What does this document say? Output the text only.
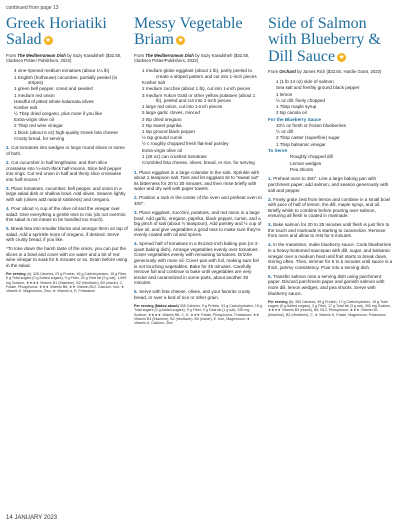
continued from page 13
Greek Horiatiki Salad ★
From The Mediterranean Dish by Suzy Karadsheh ($32.50, Clarkson Potter/ Publishers, 2022)
4 vine-ripened medium tomatoes (about 1¼ lb)
1 English (hothouse) cucumber, partially peeled (in stripes)
1 green bell pepper, cored and seeded
1 medium red onion
Handful of pitted whole kalamata olives
Kosher salt
½ Tbsp dried oregano, plus more if you like
Extra-virgin olive oil
2 Tbsp red wine vinegar
1 block (about 6 oz) high-quality Greek feta cheese
Crusty bread, for serving

1. Cut tomatoes into wedges or large round slices or some of both.

2. Cut cucumber in half lengthwise, and then slice crosswise into ½-inch-thick half-moons. Slice bell pepper into rings. Cut red onion in half and thinly slice crosswise into half-moons.*

3. Place tomatoes, cucumber, bell pepper, and onion in a large salad dish or shallow bowl. Add olives. Season lightly with salt (olives add natural saltiness) and oregano.

4. Pour about ¼ cup of the olive oil and the vinegar over salad. Give everything a gentle toss to mix (do not overmix; this salad is not meant to be handled too much).

5. Break feta into smaller blocks and arrange them on top of salad. Add a sprinkle more of oregano, if desired. Serve with crusty bread, if you like.

*To tone down the harsh taste of the onion, you can put the slices in a bowl and cover with ice water and a bit of red wine vinegar to soak for 5 minutes or so. Drain before using in the salad.

Per serving (4): 326 Calories, 23 g Protein, 46 g Carbohydrates, 15 g Fiber, 6 g Total sugars (0 g Added sugars), 9 g Fiber, 33 g Total fat (9 g sat), 1,899 mg Sodium, ★★★★ Vitamin B1 (thiamine), B2 (riboflavin), B3 (niacin), C, Folate, Phosphorus; ★★★ Vitamin B6; ★★ Vitamin B12, Calcium, Iron; ★ Vitamin K, Magnesium, Zinc; ★ Vitamin A, E, Potassium
Messy Vegetable Briam ★
From The Mediterranean Dish by Suzy Karadsheh ($32.50, Clarkson Potter/Publishers, 2022)
1 medium globe eggplant (about 1 lb), partly peeled to create a striped pattern and cut into 1-inch pieces
Kosher salt
2 medium zucchini (about 1 lb), cut into 1-inch pieces
3 medium Yukon Gold or other yellow potatoes (about 1 lb), peeled and cut into 1-inch pieces
1 large red onion, cut into 1-inch pieces
5 large garlic cloves, minced
2 tsp dried oregano
2 tsp sweet paprika
1 tsp ground black pepper
½ tsp ground cumin
½ c roughly chopped fresh flat-leaf parsley
Extra-virgin olive oil
1 (28 oz) can crushed tomatoes
Crumbled feta cheese, olives, bread, or rice, for serving

1. Place eggplant in a large colander in the sink. Sprinkle with about 1 teaspoon salt. Toss and let eggplant sit to "sweat out" its bitterness for 20 to 30 minutes, and then rinse briefly with water and dry well with paper towels.

2. Position a rack in the center of the oven and preheat oven to 400°.

3. Place eggplant, zucchini, potatoes, and red onion in a large bowl. Add garlic, oregano, paprika, black pepper, cumin, and a big pinch of salt (about ½ teaspoon). Add parsley and ½ cup of olive oil, and give vegetables a good toss to make sure they're evenly coated with oil and spices.

4. Spread half of tomatoes in a 9x13x2-inch baking pan (or 4-quart baking dish). Arrange vegetables evenly over tomatoes. Cover vegetables evenly with remaining tomatoes. Drizzle generously with more oil. Cover pan with foil, making sure foil is not touching vegetables. Bake for 45 minutes. Carefully remove foil and continue to bake until vegetables are very tender and caramelized in some parts, about another 30 minutes.

5. Serve with feta cheese, olives, and your favorite crusty bread, or over a bed of rice or other grain.

Per serving (Makes about) 305 Calories, 9 g Protein, 53 g Carbohydrates, 15 g Total sugars (0 g Added sugars), 9 g Fiber, 9 g Total fat (1 g sat), 330 mg Sodium, ★★★★ Vitamin B6, C, K; ★★★ Folate, Phosphorus, Potassium; ★★ Vitamin B1 (thiamine), B2 (riboflavin), B3 (niacin), E, Iron, Magnesium; ★ Vitamin A, Calcium, Zinc
Side of Salmon with Blueberry & Dill Sauce ★
From Orchard by James Rich ($32.50, Hardie Grant, 2022)
1 (1 lb 14 oz) side of salmon
Sea salt and freshly ground black pepper
1 lemon
½ oz dill, finely chopped
1 Tbsp maple syrup
2 tsp canola oil
For the Blueberry Sauce
10½ oz fresh or frozen blueberries
½ oz dill
2 Tbsp caster (superfine) sugar
1 Tbsp balsamic vinegar
To Serve
Roughly chopped dill
Lemon wedges
Pea shoots

1. Preheat oven to 350°. Line a large baking pan with parchment paper, add salmon, and season generously with salt and pepper.

2. Finely grate zest from lemon and combine in a small bowl with juice of half of lemon, the dill, maple syrup, and oil. Briefly whisk to combine before pouring over salmon, ensuring all flesh is coated in marinade.

3. Bake salmon for 20 to 25 minutes until flesh is just firm to the touch and marinade is starting to caramelize. Remove from oven and allow to rest for 5 minutes.

4. In the meantime, make blueberry sauce. Cook blueberries in a heavy-bottomed saucepan with dill, sugar, and balsamic vinegar over a medium heat until fruit starts to break down, stirring often. Then, simmer for 5 to 6 minutes until sauce is a thick, jammy consistency. Pour into a serving dish.

5. Transfer salmon onto a serving dish using parchment paper. Discard parchment paper and garnish salmon with more dill, lemon wedges, and pea shoots. Serve with blueberry sauce.

Per serving (6): 389 Calories, 39 g Protein, 17 g Carbohydrates, 15 g Total sugars (6 g Added sugars), 2 g Fiber, 17 g Total fat (3 g sat), 300 mg Sodium, ★★★★ Vitamin B3 (niacin), B6, B12, Phosphorus; ★★★ Vitamin B1 (thiamine), B2 (riboflavin), C, ★ Vitamin K, Folate, Magnesium, Potassium
14 JANUARY 2023
